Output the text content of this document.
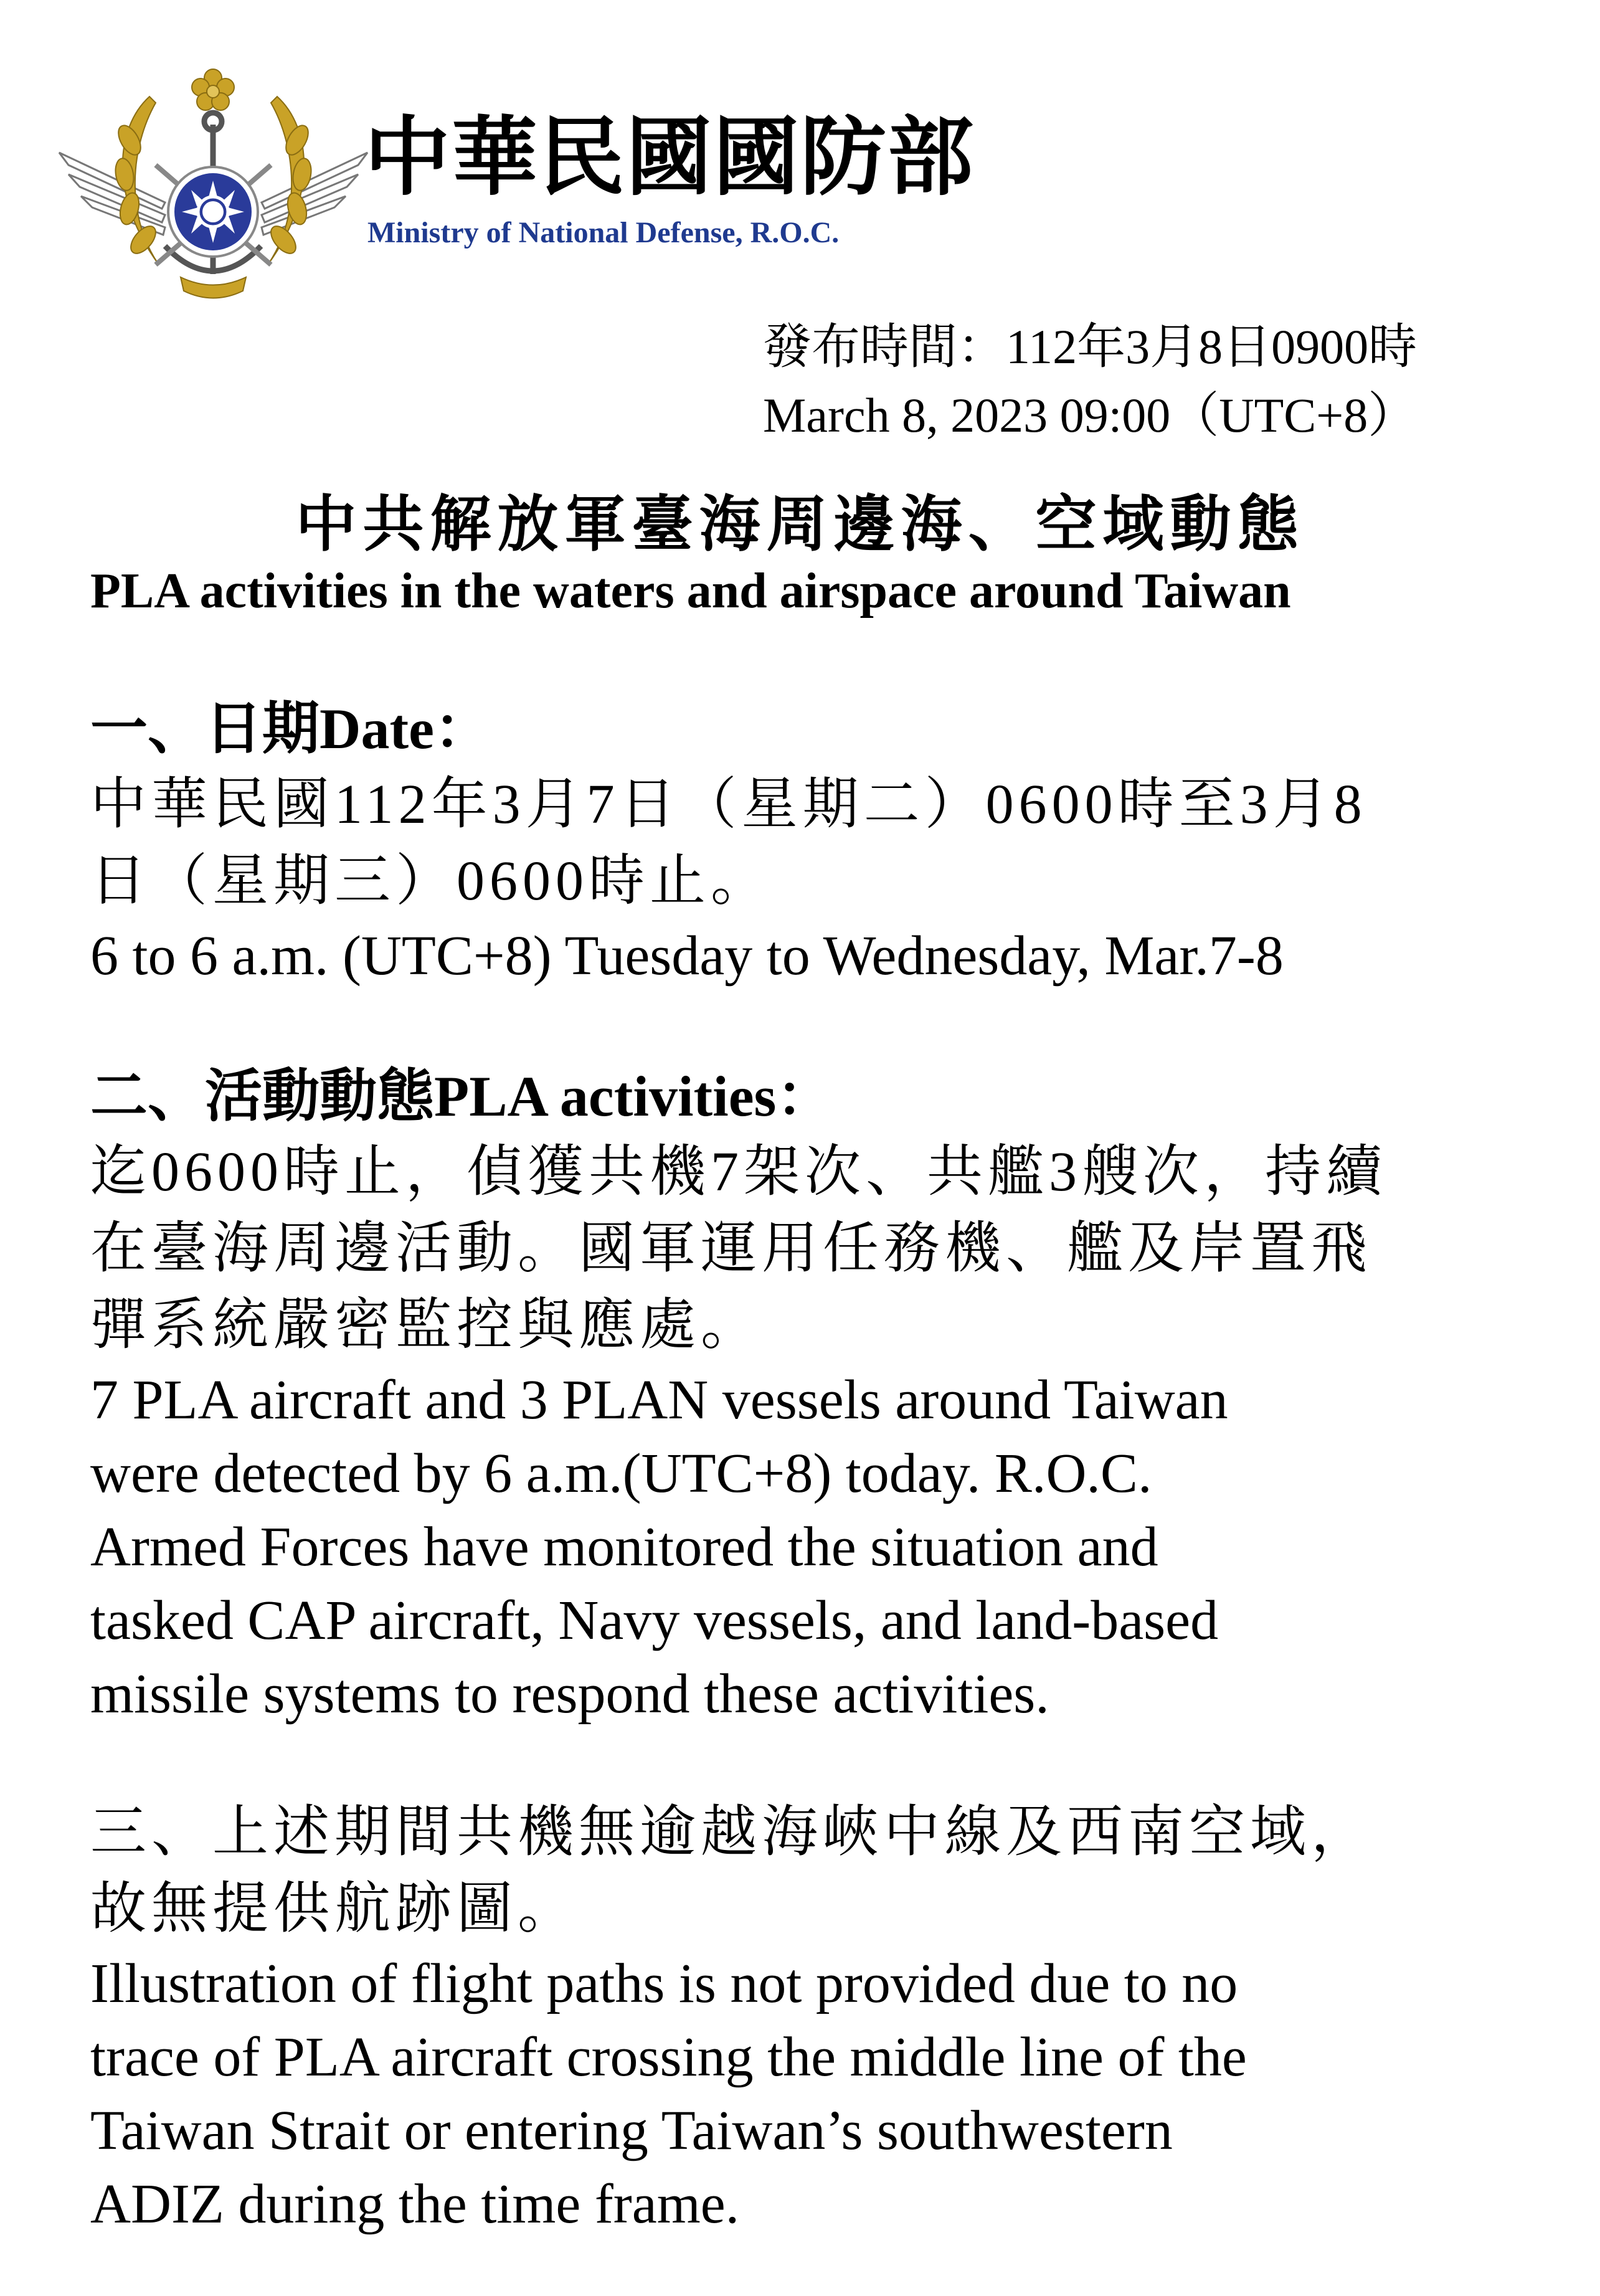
中華民國國防部
Ministry of National Defense, R.O.C.
發布時間：112年3月8日0900時
March 8, 2023 09:00（UTC+8）
中共解放軍臺海周邊海、空域動態
PLA activities in the waters and airspace around Taiwan

一、日期Date：

中華民國112年3月7日（星期二）0600時至3月8

日（星期三）0600時止。

6 to 6 a.m. (UTC+8) Tuesday to Wednesday, Mar.7-8

二、活動動態PLA activities：

迄0600時止，偵獲共機7架次、共艦3艘次，持續

在臺海周邊活動。國軍運用任務機、艦及岸置飛

彈系統嚴密監控與應處。

7 PLA aircraft and 3 PLAN vessels around Taiwan

were detected by 6 a.m.(UTC+8) today. R.O.C.

Armed Forces have monitored the situation and

tasked CAP aircraft, Navy vessels, and land-based

missile systems to respond these activities.

三、上述期間共機無逾越海峽中線及西南空域，

故無提供航跡圖。

Illustration of flight paths is not provided due to no

trace of PLA aircraft crossing the middle line of the

Taiwan Strait or entering Taiwan’s southwestern

ADIZ during the time frame.
